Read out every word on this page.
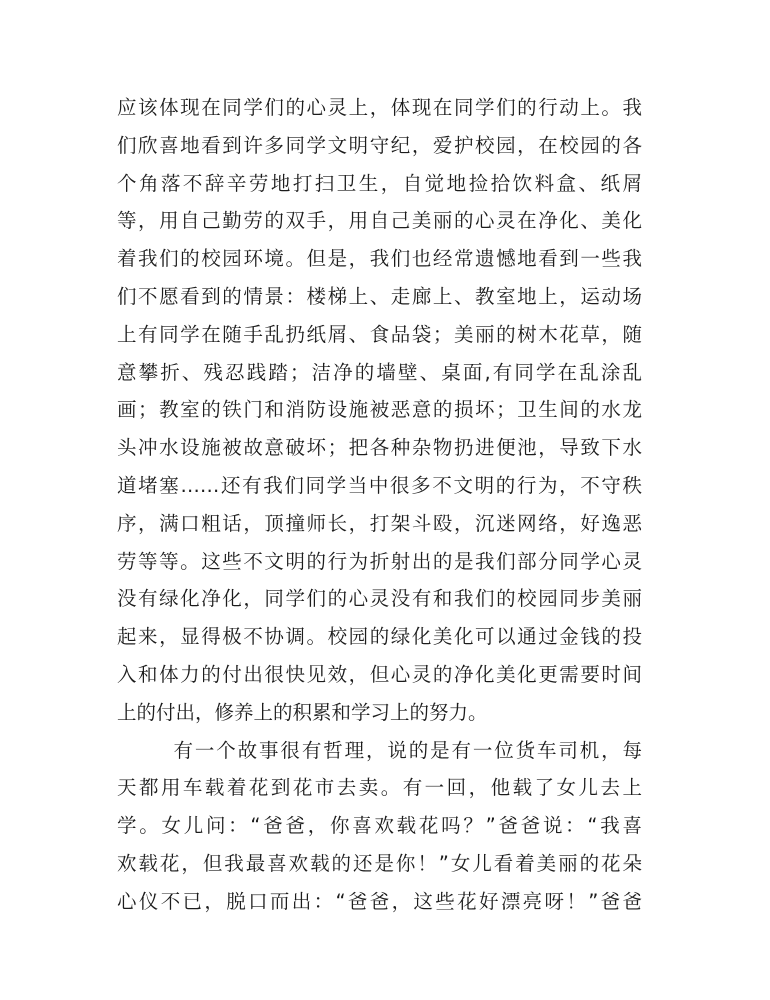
应该体现在同学们的心灵上，体现在同学们的行动上。我
们欣喜地看到许多同学文明守纪，爱护校园，在校园的各
个角落不辞辛劳地打扫卫生，自觉地捡拾饮料盒、纸屑
等，用自己勤劳的双手，用自己美丽的心灵在净化、美化
着我们的校园环境。但是，我们也经常遗憾地看到一些我
们不愿看到的情景：楼梯上、走廊上、教室地上，运动场
上有同学在随手乱扔纸屑、食品袋；美丽的树木花草，随
意攀折、残忍践踏；洁净的墙壁、桌面,有同学在乱涂乱
画；教室的铁门和消防设施被恶意的损坏；卫生间的水龙
头冲水设施被故意破坏；把各种杂物扔进便池，导致下水
道堵塞……还有我们同学当中很多不文明的行为，不守秩
序，满口粗话，顶撞师长，打架斗殴，沉迷网络，好逸恶
劳等等。这些不文明的行为折射出的是我们部分同学心灵
没有绿化净化，同学们的心灵没有和我们的校园同步美丽
起来，显得极不协调。校园的绿化美化可以通过金钱的投
入和体力的付出很快见效，但心灵的净化美化更需要时间
上的付出，修养上的积累和学习上的努力。
有一个故事很有哲理，说的是有一位货车司机，每
天都用车载着花到花市去卖。有一回，他载了女儿去上
学。女儿问：“爸爸，你喜欢载花吗？”爸爸说：“我喜
欢载花，但我最喜欢载的还是你！”女儿看着美丽的花朵
心仪不已，脱口而出：“爸爸，这些花好漂亮呀！”爸爸
